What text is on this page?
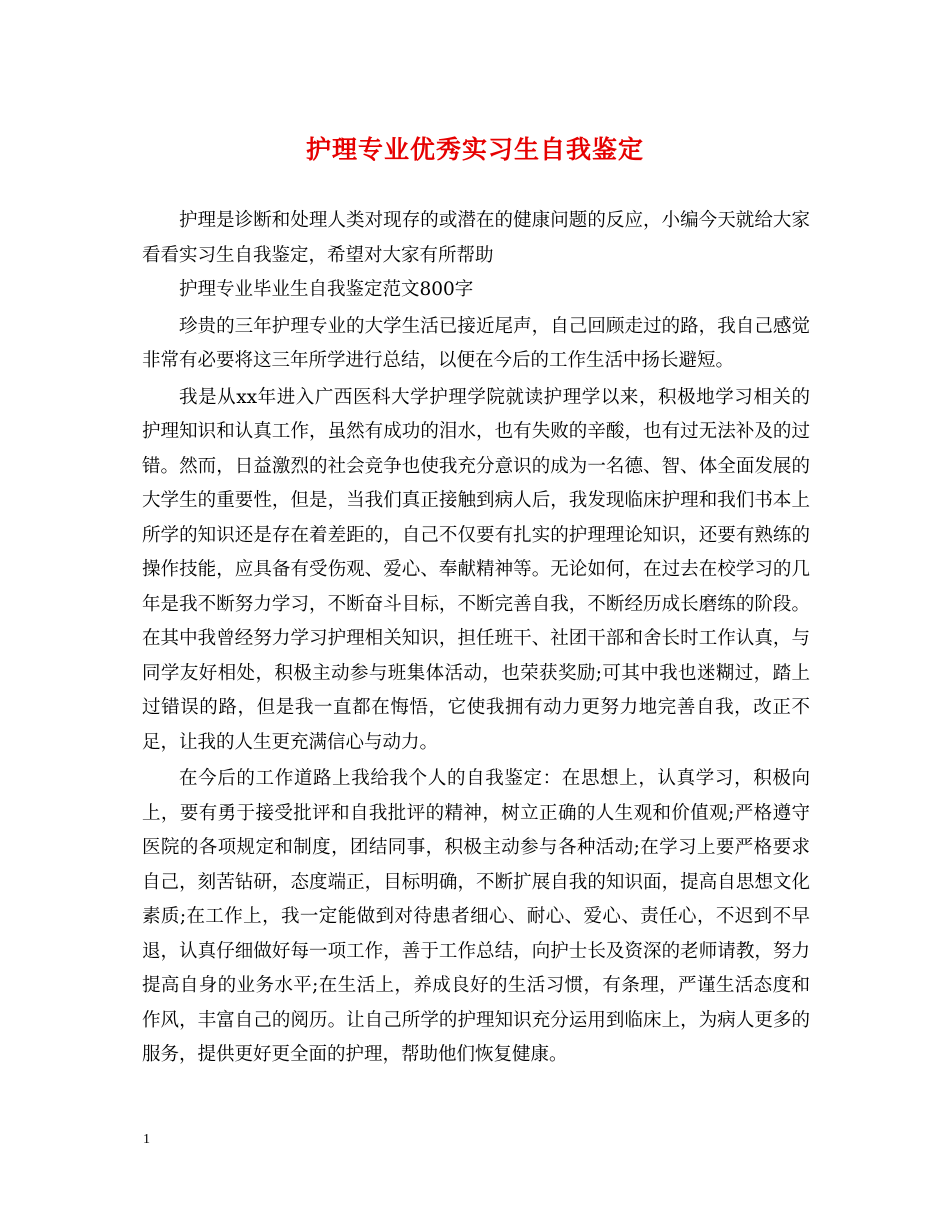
护理专业优秀实习生自我鉴定

护理是诊断和处理人类对现存的或潜在的健康问题的反应，小编今天就给大家看看实习生自我鉴定，希望对大家有所帮助

护理专业毕业生自我鉴定范文800字

珍贵的三年护理专业的大学生活已接近尾声，自己回顾走过的路，我自己感觉非常有必要将这三年所学进行总结，以便在今后的工作生活中扬长避短。

我是从xx年进入广西医科大学护理学院就读护理学以来，积极地学习相关的护理知识和认真工作，虽然有成功的泪水，也有失败的辛酸，也有过无法补及的过错。然而，日益激烈的社会竞争也使我充分意识的成为一名德、智、体全面发展的大学生的重要性，但是，当我们真正接触到病人后，我发现临床护理和我们书本上所学的知识还是存在着差距的，自己不仅要有扎实的护理理论知识，还要有熟练的操作技能，应具备有受伤观、爱心、奉献精神等。无论如何，在过去在校学习的几年是我不断努力学习，不断奋斗目标，不断完善自我，不断经历成长磨练的阶段。在其中我曾经努力学习护理相关知识，担任班干、社团干部和舍长时工作认真，与同学友好相处，积极主动参与班集体活动，也荣获奖励;可其中我也迷糊过，踏上过错误的路，但是我一直都在悔悟，它使我拥有动力更努力地完善自我，改正不足，让我的人生更充满信心与动力。

在今后的工作道路上我给我个人的自我鉴定：在思想上，认真学习，积极向上，要有勇于接受批评和自我批评的精神，树立正确的人生观和价值观;严格遵守医院的各项规定和制度，团结同事，积极主动参与各种活动;在学习上要严格要求自己，刻苦钻研，态度端正，目标明确，不断扩展自我的知识面，提高自思想文化素质;在工作上，我一定能做到对待患者细心、耐心、爱心、责任心，不迟到不早退，认真仔细做好每一项工作，善于工作总结，向护士长及资深的老师请教，努力提高自身的业务水平;在生活上，养成良好的生活习惯，有条理，严谨生活态度和作风，丰富自己的阅历。让自己所学的护理知识充分运用到临床上，为病人更多的服务，提供更好更全面的护理，帮助他们恢复健康。

1
